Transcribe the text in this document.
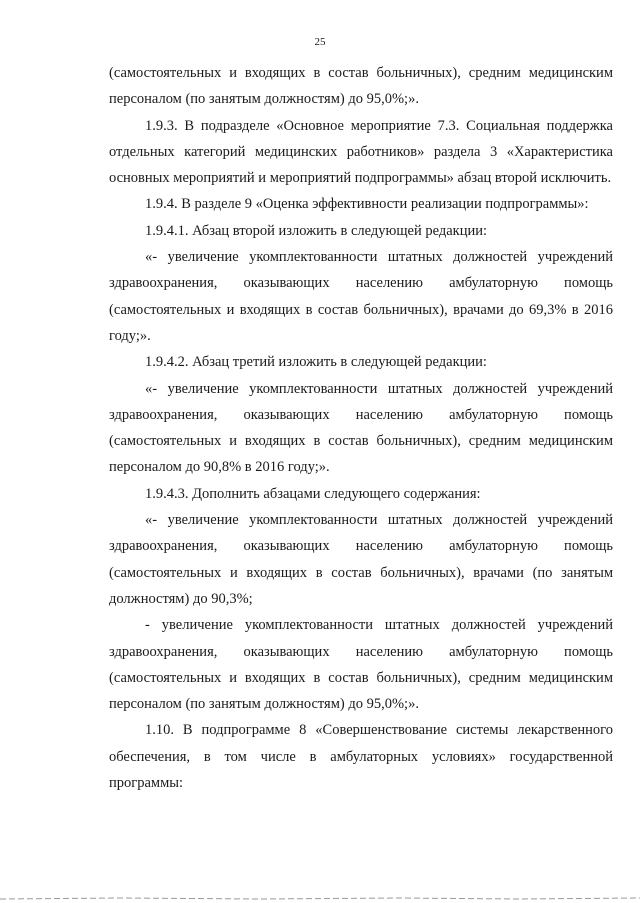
25

(самостоятельных и входящих в состав больничных), средним медицинским персоналом (по занятым должностям) до 95,0%;».

1.9.3. В подразделе «Основное мероприятие 7.3. Социальная поддержка отдельных категорий медицинских работников» раздела 3 «Характеристика основных мероприятий и мероприятий подпрограммы» абзац второй исключить.

1.9.4. В разделе 9 «Оценка эффективности реализации подпрограммы»:

1.9.4.1. Абзац второй изложить в следующей редакции:

«- увеличение укомплектованности штатных должностей учреждений здравоохранения, оказывающих населению амбулаторную помощь (самостоятельных и входящих в состав больничных), врачами до 69,3% в 2016 году;».

1.9.4.2. Абзац третий изложить в следующей редакции:

«- увеличение укомплектованности штатных должностей учреждений здравоохранения, оказывающих населению амбулаторную помощь (самостоятельных и входящих в состав больничных), средним медицинским персоналом до 90,8% в 2016 году;».

1.9.4.3. Дополнить абзацами следующего содержания:

«- увеличение укомплектованности штатных должностей учреждений здравоохранения, оказывающих населению амбулаторную помощь (самостоятельных и входящих в состав больничных), врачами (по занятым должностям) до 90,3%;

- увеличение укомплектованности штатных должностей учреждений здравоохранения, оказывающих населению амбулаторную помощь (самостоятельных и входящих в состав больничных), средним медицинским персоналом (по занятым должностям) до 95,0%;».

1.10. В подпрограмме 8 «Совершенствование системы лекарственного обеспечения, в том числе в амбулаторных условиях» государственной программы:
